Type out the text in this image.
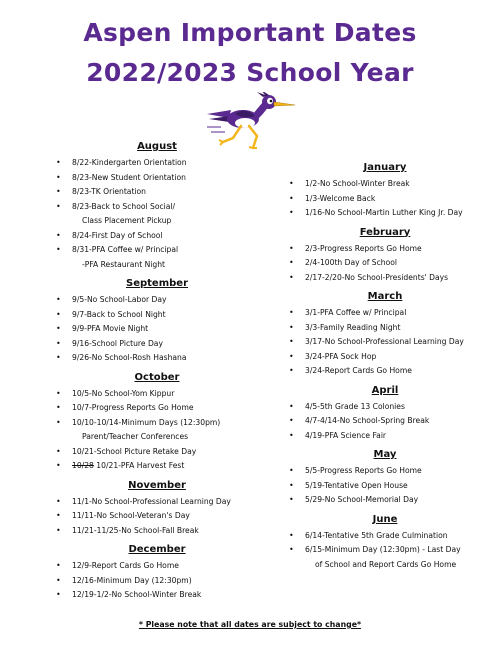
Aspen Important Dates
2022/2023 School Year
August
• 8/22-Kindergarten Orientation
• 8/23-New Student Orientation
• 8/23-TK Orientation
• 8/23-Back to School Social/
Class Placement Pickup
• 8/24-First Day of School
• 8/31-PFA Coffee w/ Principal
-PFA Restaurant Night
September
• 9/5-No School-Labor Day
• 9/7-Back to School Night
• 9/9-PFA Movie Night
• 9/16-School Picture Day
• 9/26-No School-Rosh Hashana
October
• 10/5-No School-Yom Kippur
• 10/7-Progress Reports Go Home
• 10/10-10/14-Minimum Days (12:30pm)
Parent/Teacher Conferences
• 10/21-School Picture Retake Day
• 10/28 10/21-PFA Harvest Fest
November
• 11/1-No School-Professional Learning Day
• 11/11-No School-Veteran's Day
• 11/21-11/25-No School-Fall Break
December
• 12/9-Report Cards Go Home
• 12/16-Minimum Day (12:30pm)
• 12/19-1/2-No School-Winter Break
January
• 1/2-No School-Winter Break
• 1/3-Welcome Back
• 1/16-No School-Martin Luther King Jr. Day
February
• 2/3-Progress Reports Go Home
• 2/4-100th Day of School
• 2/17-2/20-No School-Presidents' Days
March
• 3/1-PFA Coffee w/ Principal
• 3/3-Family Reading Night
• 3/17-No School-Professional Learning Day
• 3/24-PFA Sock Hop
• 3/24-Report Cards Go Home
April
• 4/5-5th Grade 13 Colonies
• 4/7-4/14-No School-Spring Break
• 4/19-PFA Science Fair
May
• 5/5-Progress Reports Go Home
• 5/19-Tentative Open House
• 5/29-No School-Memorial Day
June
• 6/14-Tentative 5th Grade Culmination
• 6/15-Minimum Day (12:30pm) - Last Day
of School and Report Cards Go Home
* Please note that all dates are subject to change*
